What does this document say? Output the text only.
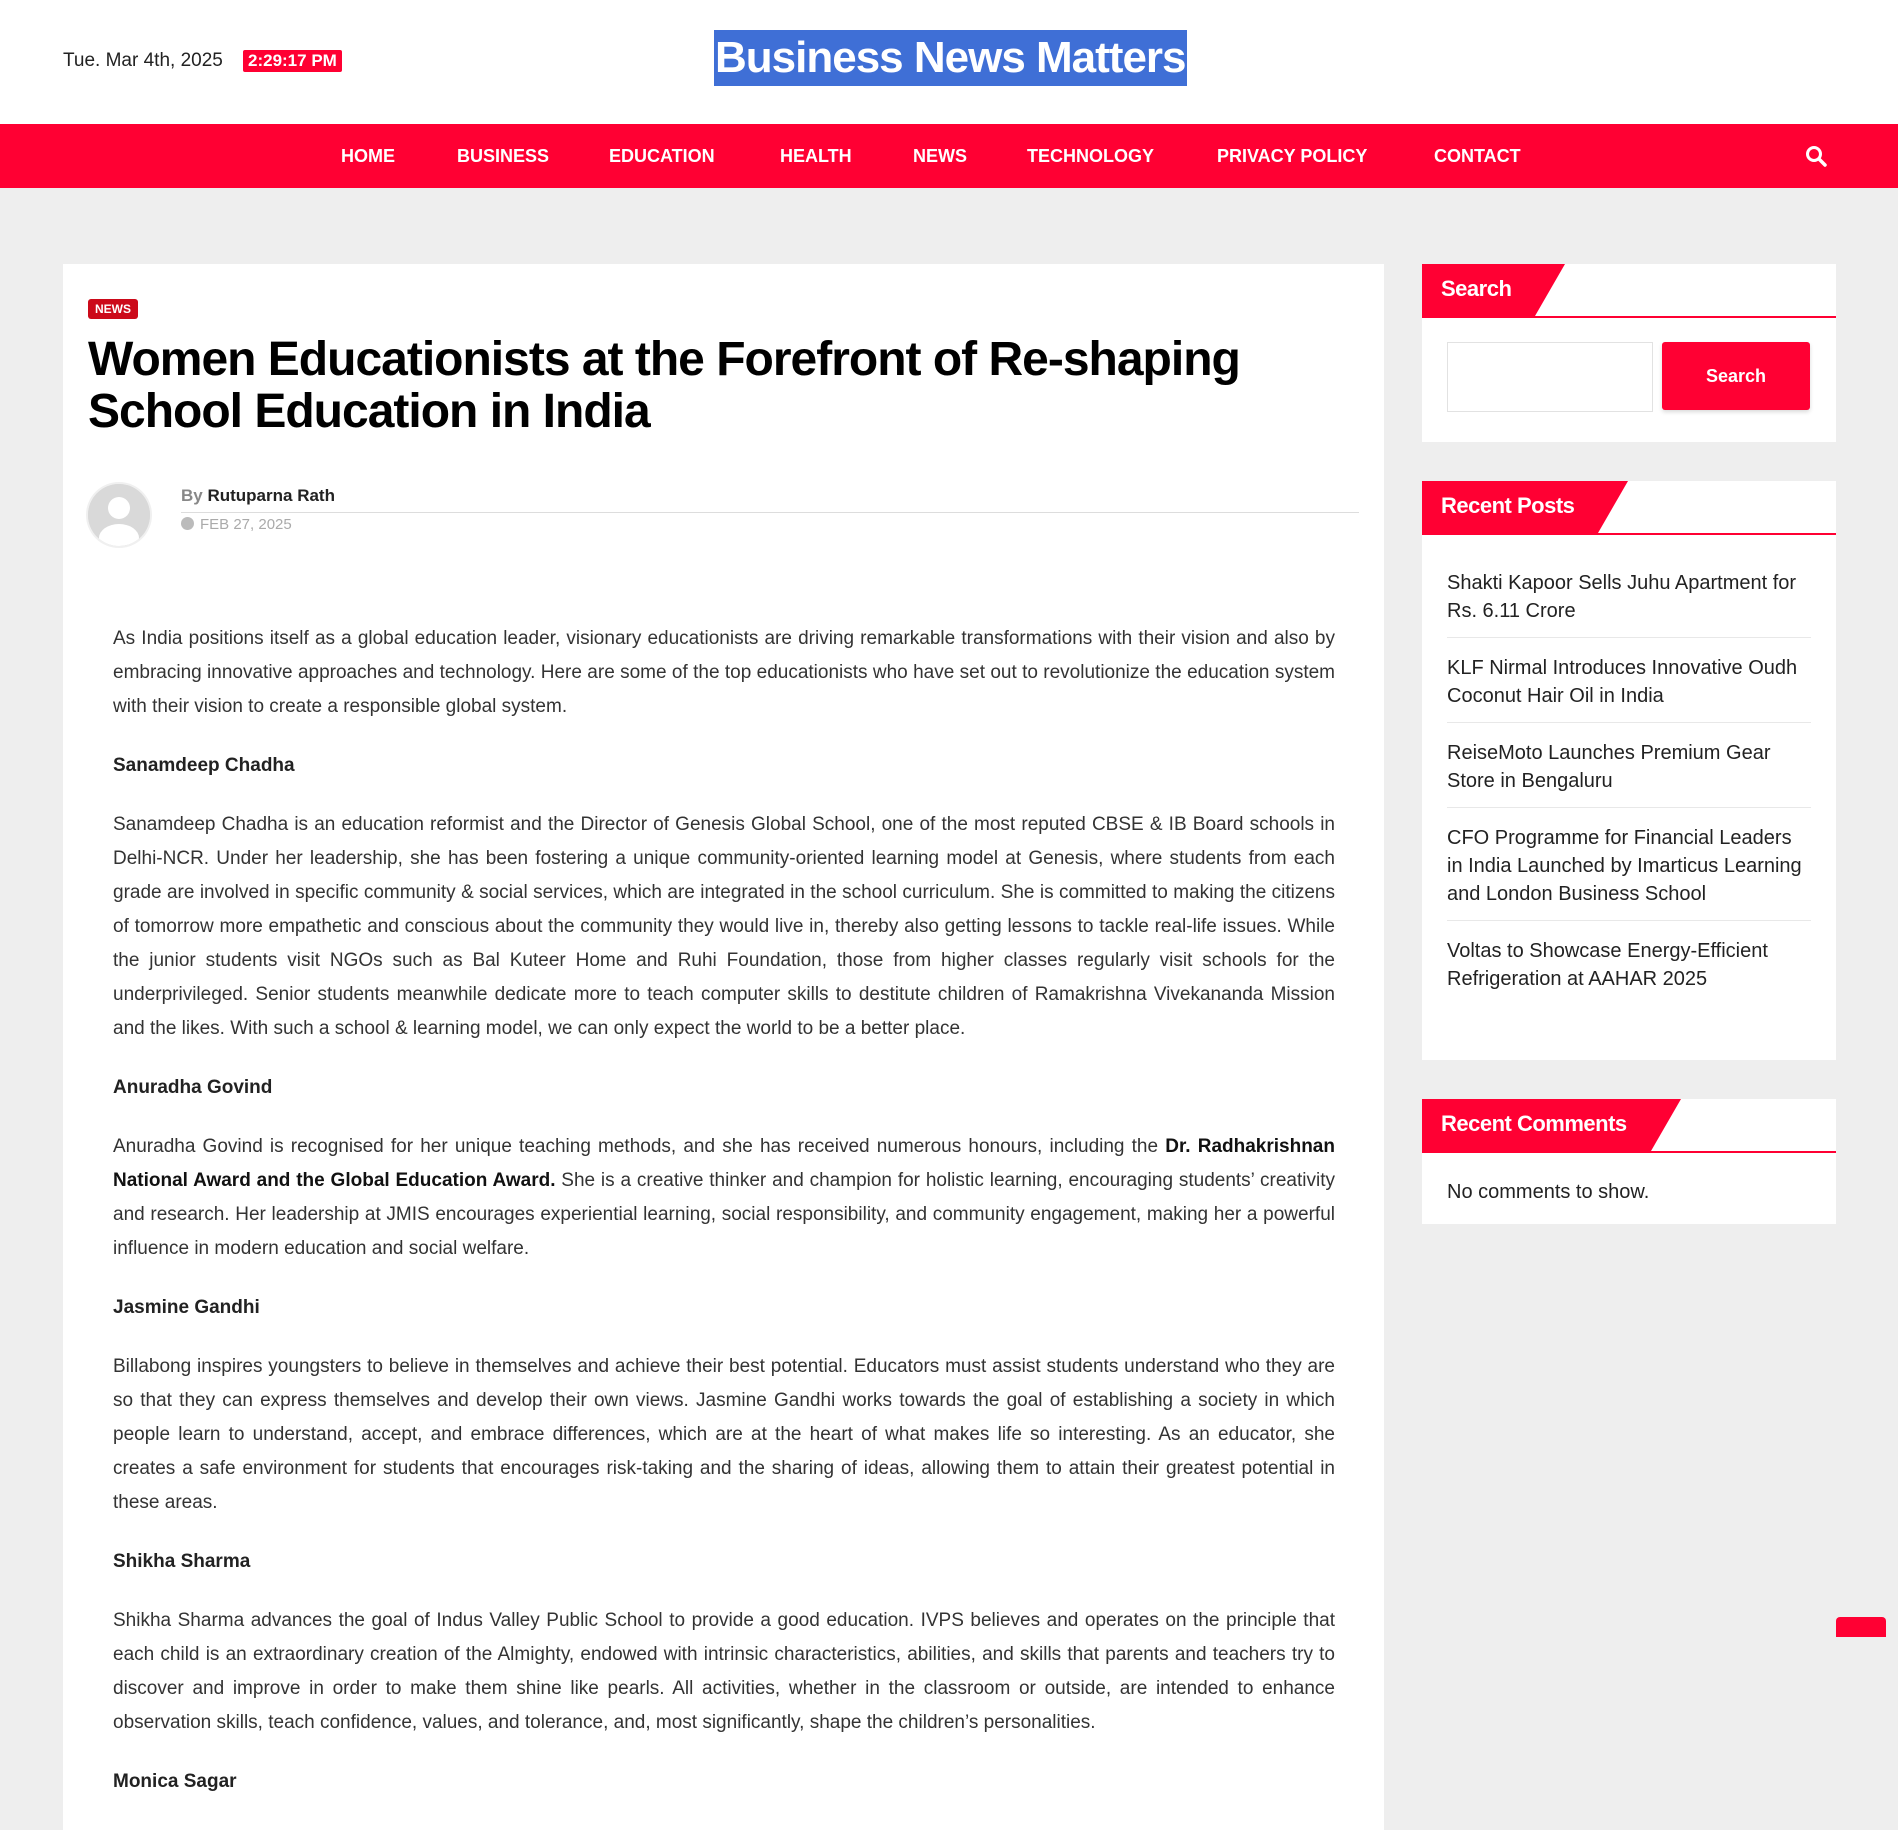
Tue. Mar 4th, 2025 2:29:17 PM	Business News Matters
HOME	BUSINESS	EDUCATION	HEALTH	NEWS	TECHNOLOGY	PRIVACY POLICY	CONTACT
NEWS
Women Educationists at the Forefront of Re-shaping School Education in India
By Rutuparna Rath
FEB 27, 2025

As India positions itself as a global education leader, visionary educationists are driving remarkable transformations with their vision and also by embracing innovative approaches and technology. Here are some of the top educationists who have set out to revolutionize the education system with their vision to create a responsible global system.

Sanamdeep Chadha

Sanamdeep Chadha is an education reformist and the Director of Genesis Global School, one of the most reputed CBSE & IB Board schools in Delhi-NCR. Under her leadership, she has been fostering a unique community-oriented learning model at Genesis, where students from each grade are involved in specific community & social services, which are integrated in the school curriculum. She is committed to making the citizens of tomorrow more empathetic and conscious about the community they would live in, thereby also getting lessons to tackle real-life issues. While the junior students visit NGOs such as Bal Kuteer Home and Ruhi Foundation, those from higher classes regularly visit schools for the underprivileged. Senior students meanwhile dedicate more to teach computer skills to destitute children of Ramakrishna Vivekananda Mission and the likes. With such a school & learning model, we can only expect the world to be a better place.

Anuradha Govind

Anuradha Govind is recognised for her unique teaching methods, and she has received numerous honours, including the Dr. Radhakrishnan National Award and the Global Education Award. She is a creative thinker and champion for holistic learning, encouraging students’ creativity and research. Her leadership at JMIS encourages experiential learning, social responsibility, and community engagement, making her a powerful influence in modern education and social welfare.

Jasmine Gandhi

Billabong inspires youngsters to believe in themselves and achieve their best potential. Educators must assist students understand who they are so that they can express themselves and develop their own views. Jasmine Gandhi works towards the goal of establishing a society in which people learn to understand, accept, and embrace differences, which are at the heart of what makes life so interesting. As an educator, she creates a safe environment for students that encourages risk-taking and the sharing of ideas, allowing them to attain their greatest potential in these areas.

Shikha Sharma

Shikha Sharma advances the goal of Indus Valley Public School to provide a good education. IVPS believes and operates on the principle that each child is an extraordinary creation of the Almighty, endowed with intrinsic characteristics, abilities, and skills that parents and teachers try to discover and improve in order to make them shine like pearls. All activities, whether in the classroom or outside, are intended to enhance observation skills, teach confidence, values, and tolerance, and, most significantly, shape the children’s personalities.

Monica Sagar
Search
Search
Recent Posts
Shakti Kapoor Sells Juhu Apartment for Rs. 6.11 Crore
KLF Nirmal Introduces Innovative Oudh Coconut Hair Oil in India
ReiseMoto Launches Premium Gear Store in Bengaluru
CFO Programme for Financial Leaders in India Launched by Imarticus Learning and London Business School
Voltas to Showcase Energy-Efficient Refrigeration at AAHAR 2025
Recent Comments
No comments to show.
